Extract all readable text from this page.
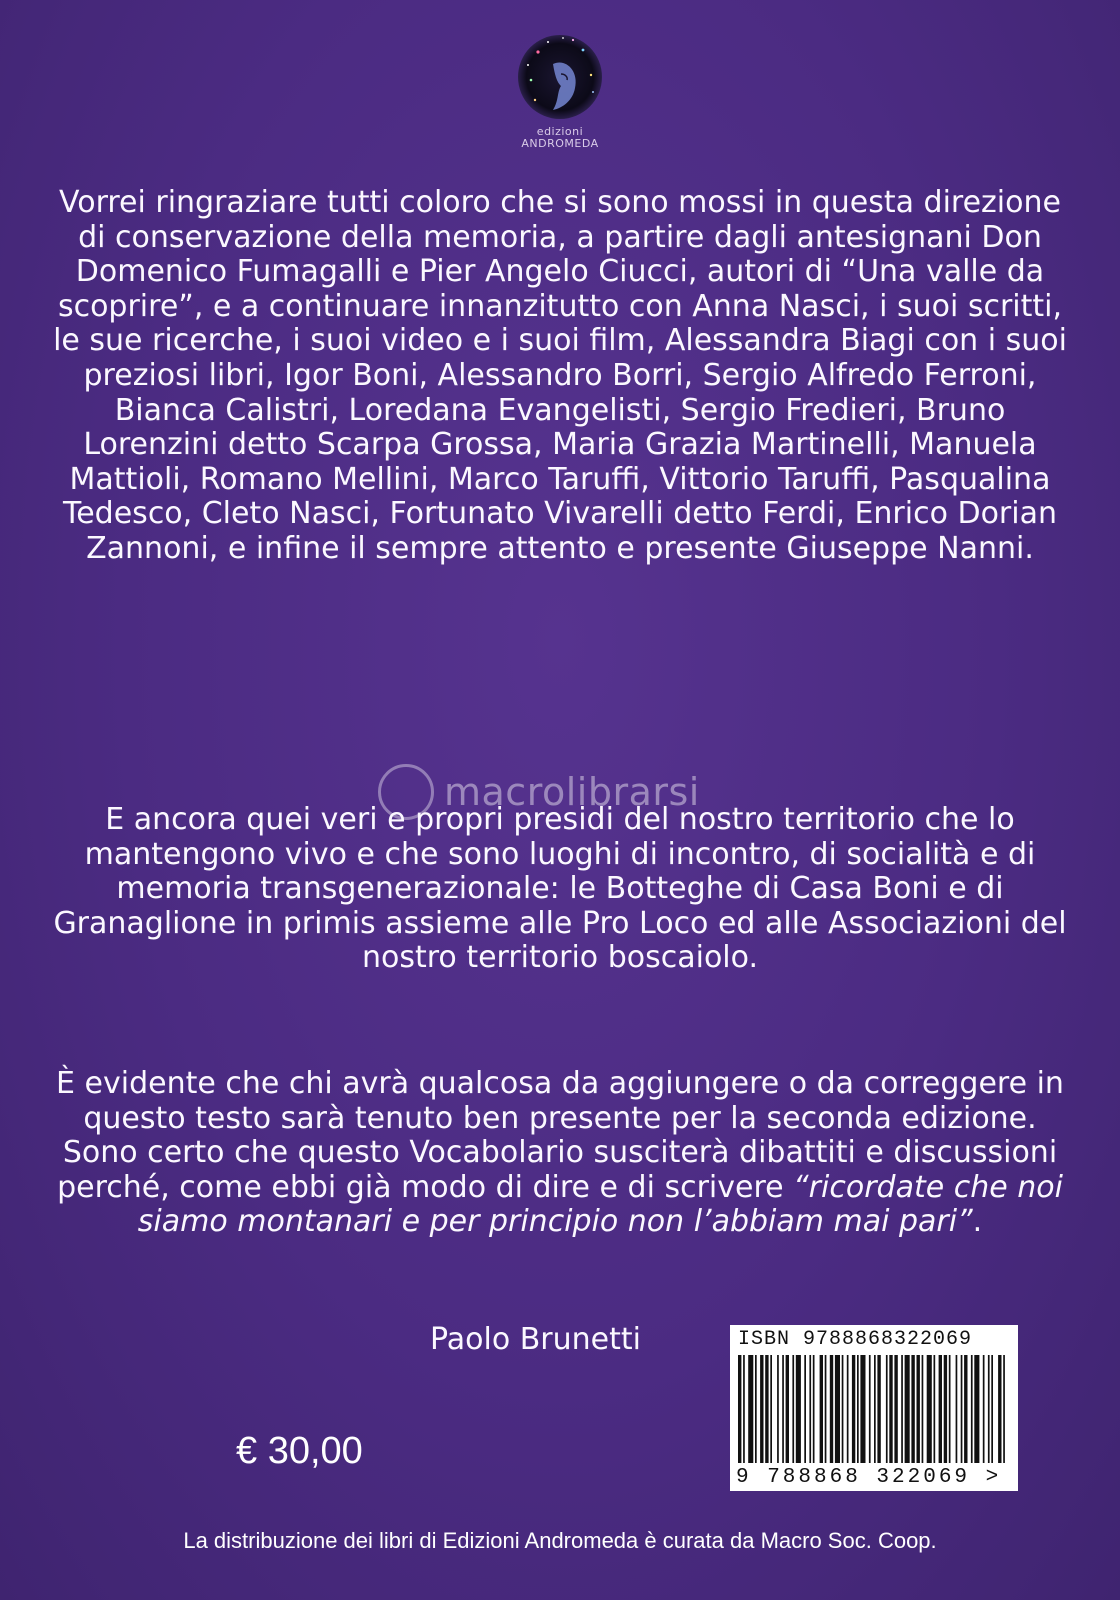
edizioni
ANDROMEDA

Vorrei ringraziare tutti coloro che si sono mossi in questa direzione di conservazione della memoria, a partire dagli antesignani Don Domenico Fumagalli e Pier Angelo Ciucci, autori di “Una valle da scoprire”, e a continuare innanzitutto con Anna Nasci, i suoi scritti, le sue ricerche, i suoi video e i suoi film, Alessandra Biagi con i suoi preziosi libri, Igor Boni, Alessandro Borri, Sergio Alfredo Ferroni, Bianca Calistri, Loredana Evangelisti, Sergio Fredieri, Bruno Lorenzini detto Scarpa Grossa, Maria Grazia Martinelli, Manuela Mattioli, Romano Mellini, Marco Taruffi, Vittorio Taruffi, Pasqualina Tedesco, Cleto Nasci, Fortunato Vivarelli detto Ferdi, Enrico Dorian Zannoni, e infine il sempre attento e presente Giuseppe Nanni.

macrolibrarsi

E ancora quei veri e propri presidi del nostro territorio che lo mantengono vivo e che sono luoghi di incontro, di socialità e di memoria transgenerazionale: le Botteghe di Casa Boni e di Granaglione in primis assieme alle Pro Loco ed alle Associazioni del nostro territorio boscaiolo.

È evidente che chi avrà qualcosa da aggiungere o da correggere in questo testo sarà tenuto ben presente per la seconda edizione. Sono certo che questo Vocabolario susciterà dibattiti e discussioni perché, come ebbi già modo di dire e di scrivere “ricordate che noi siamo montanari e per principio non l’abbiam mai pari”.

Paolo Brunetti
€ 30,00
ISBN 9788868322069
9 788868 322069 >
La distribuzione dei libri di Edizioni Andromeda è curata da Macro Soc. Coop.
